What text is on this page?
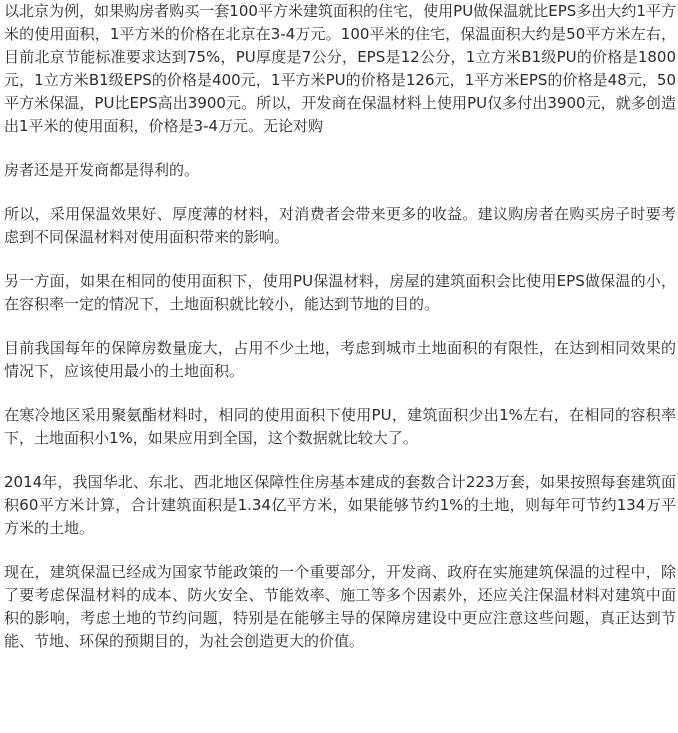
以北京为例，如果购房者购买一套100平方米建筑面积的住宅，使用PU做保温就比EPS多出大约1平方米的使用面积，1平方米的价格在北京在3-4万元。100平米的住宅，保温面积大约是50平方米左右，目前北京节能标准要求达到75%，PU厚度是7公分，EPS是12公分，1立方米B1级PU的价格是1800元，1立方米B1级EPS的价格是400元，1平方米PU的价格是126元，1平方米EPS的价格是48元，50平方米保温，PU比EPS高出3900元。所以，开发商在保温材料上使用PU仅多付出3900元，就多创造出1平米的使用面积，价格是3-4万元。无论对购

房者还是开发商都是得利的。

所以，采用保温效果好、厚度薄的材料，对消费者会带来更多的收益。建议购房者在购买房子时要考虑到不同保温材料对使用面积带来的影响。

另一方面，如果在相同的使用面积下，使用PU保温材料，房屋的建筑面积会比使用EPS做保温的小，在容积率一定的情况下，土地面积就比较小，能达到节地的目的。

目前我国每年的保障房数量庞大，占用不少土地，考虑到城市土地面积的有限性，在达到相同效果的情况下，应该使用最小的土地面积。

在寒冷地区采用聚氨酯材料时，相同的使用面积下使用PU，建筑面积少出1%左右，在相同的容积率下，土地面积小1%，如果应用到全国，这个数据就比较大了。

2014年，我国华北、东北、西北地区保障性住房基本建成的套数合计223万套，如果按照每套建筑面积60平方米计算，合计建筑面积是1.34亿平方米，如果能够节约1%的土地，则每年可节约134万平方米的土地。

现在，建筑保温已经成为国家节能政策的一个重要部分，开发商、政府在实施建筑保温的过程中，除了要考虑保温材料的成本、防火安全、节能效率、施工等多个因素外，还应关注保温材料对建筑中面积的影响，考虑土地的节约问题，特别是在能够主导的保障房建设中更应注意这些问题，真正达到节能、节地、环保的预期目的，为社会创造更大的价值。
